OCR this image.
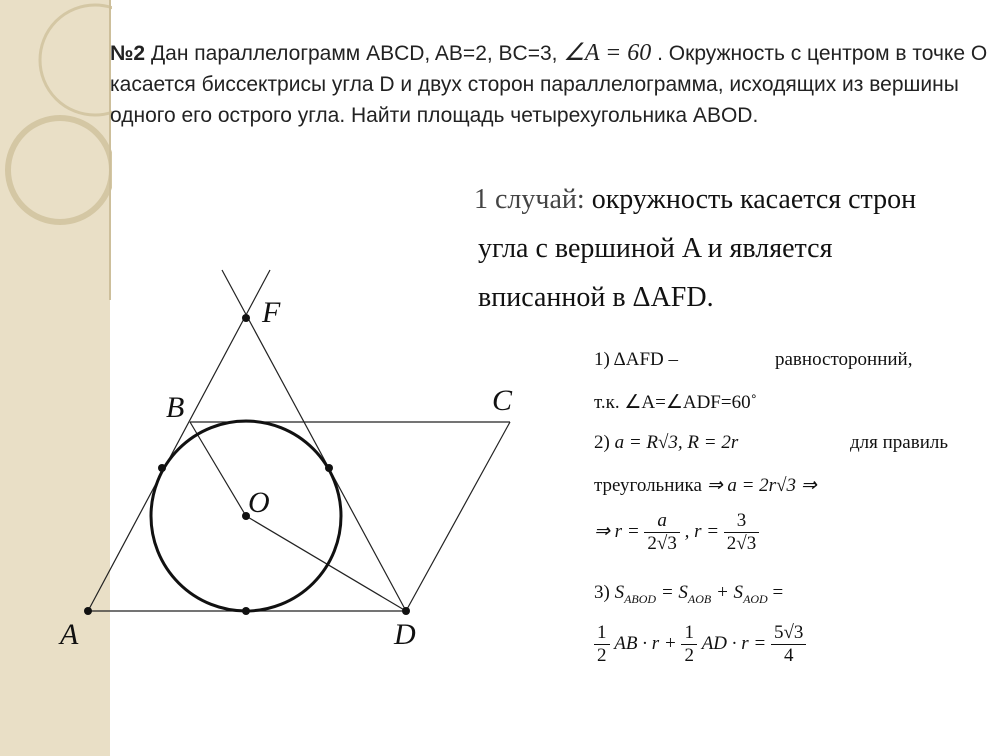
№2 Дан параллелограмм ABCD, AB=2, BC=3, ∠A = 60 . Окружность с центром в точке O касается биссектрисы угла D и двух сторон параллелограмма, исходящих из вершины одного его острого угла. Найти площадь четырехугольника ABOD.
1 случай: окружность касается строн
угла с вершиной A и является
вписанной в ΔAFD.
F
B	C
O
A	D
1) ΔAFD –	равносторонний,
т.к. ∠A=∠ADF=60˚
2) a = R√3, R = 2r	для правиль
треугольника ⇒ a = 2r√3 ⇒
⇒ $r = \frac{a}{2√3}$ , $r = \frac{3}{2√3}$
3) $S_{ABOD} = S_{AOB} + S_{AOD}$ =
$\frac{1}{2}$ AB · $r + \frac{1}{2}$ AD · $r = \frac{5√3}{4}$
